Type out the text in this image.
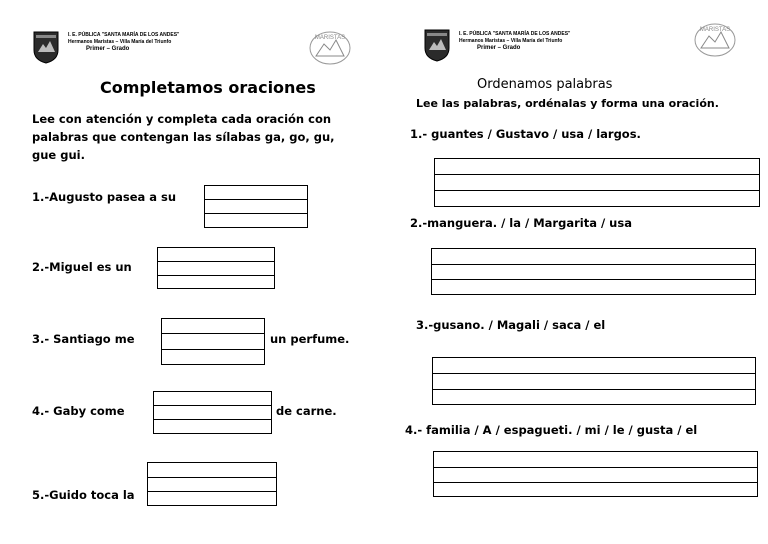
I. E. PÚBLICA "SANTA MARÍA DE LOS ANDES"
Hermanos Maristas – Villa María del Triunfo
Primer – Grado
MARISTAS
I. E. PÚBLICA "SANTA MARÍA DE LOS ANDES"
Hermanos Maristas – Villa María del Triunfo
Primer – Grado
MARISTAS
Completamos oraciones
Lee con atención y completa cada oración con palabras que contengan las sílabas ga, go, gu, gue gui.
1.-Augusto pasea a su
2.-Miguel es un
3.- Santiago me	un perfume.
4.- Gaby come	de carne.
5.-Guido toca la
Ordenamos palabras
Lee las palabras, ordénalas y forma una oración.
1.- guantes / Gustavo / usa / largos.
2.-manguera. / la / Margarita / usa
3.-gusano. / Magali / saca / el
4.- familia / A / espagueti. / mi / le / gusta / el
